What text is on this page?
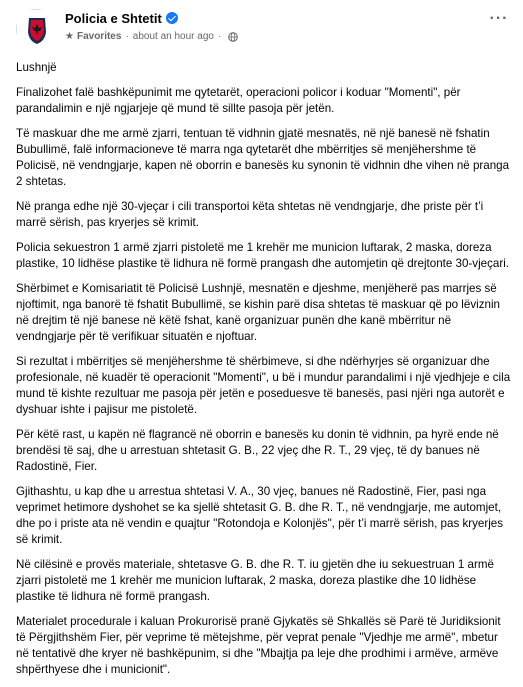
Policia e Shtetit
★ Favorites · about an hour ago ·
···

Lushnjë

Finalizohet falë bashkëpunimit me qytetarët, operacioni policor i koduar "Momenti", për parandalimin e një ngjarjeje që mund të sillte pasoja për jetën.

Të maskuar dhe me armë zjarri, tentuan të vidhnin gjatë mesnatës, në një banesë në fshatin Bubullimë, falë informacioneve të marra nga qytetarët dhe mbërritjes së menjëhershme të Policisë, në vendngjarje, kapen në oborrin e banesës ku synonin të vidhnin dhe vihen në pranga 2 shtetas.

Në pranga edhe një 30-vjeçar i cili transportoi këta shtetas në vendngjarje, dhe priste për t’i marrë sërish, pas kryerjes së krimit.

Policia sekuestron 1 armë zjarri pistoletë me 1 krehër me municion luftarak, 2 maska, doreza plastike, 10 lidhëse plastike të lidhura në formë prangash dhe automjetin që drejtonte 30-vjeçari.

Shërbimet e Komisariatit të Policisë Lushnjë, mesnatën e djeshme, menjëherë pas marrjes së njoftimit, nga banorë të fshatit Bubullimë, se kishin parë disa shtetas të maskuar që po lëviznin në drejtim të një banese në këtë fshat, kanë organizuar punën dhe kanë mbërritur në vendngjarje për të verifikuar situatën e njoftuar.

Si rezultat i mbërritjes së menjëhershme të shërbimeve, si dhe ndërhyrjes së organizuar dhe profesionale, në kuadër të operacionit "Momenti", u bë i mundur parandalimi i një vjedhjeje e cila mund të kishte rezultuar me pasoja për jetën e poseduesve të banesës, pasi njëri nga autorët e dyshuar ishte i pajisur me pistoletë.

Për këtë rast, u kapën në flagrancë në oborrin e banesës ku donin të vidhnin, pa hyrë ende në brendësi të saj, dhe u arrestuan shtetasit G. B., 22 vjeç dhe R. T., 29 vjeç, të dy banues në Radostinë, Fier.

Gjithashtu, u kap dhe u arrestua shtetasi V. A., 30 vjeç, banues në Radostinë, Fier, pasi nga veprimet hetimore dyshohet se ka sjellë shtetasit G. B. dhe R. T., në vendngjarje, me automjet, dhe po i priste ata në vendin e quajtur "Rotondoja e Kolonjës", për t’i marrë sërish, pas kryerjes së krimit.

Në cilësinë e provës materiale, shtetasve G. B. dhe R. T. iu gjetën dhe iu sekuestruan 1 armë zjarri pistoletë me 1 krehër me municion luftarak, 2 maska, doreza plastike dhe 10 lidhëse plastike të lidhura në formë prangash.

Materialet procedurale i kaluan Prokurorisë pranë Gjykatës së Shkallës së Parë të Juridiksionit të Përgjithshëm Fier, për veprime të mëtejshme, për veprat penale "Vjedhje me armë", mbetur në tentativë dhe kryer në bashkëpunim, si dhe "Mbajtja pa leje dhe prodhimi i armëve, armëve shpërthyese dhe i municionit".
